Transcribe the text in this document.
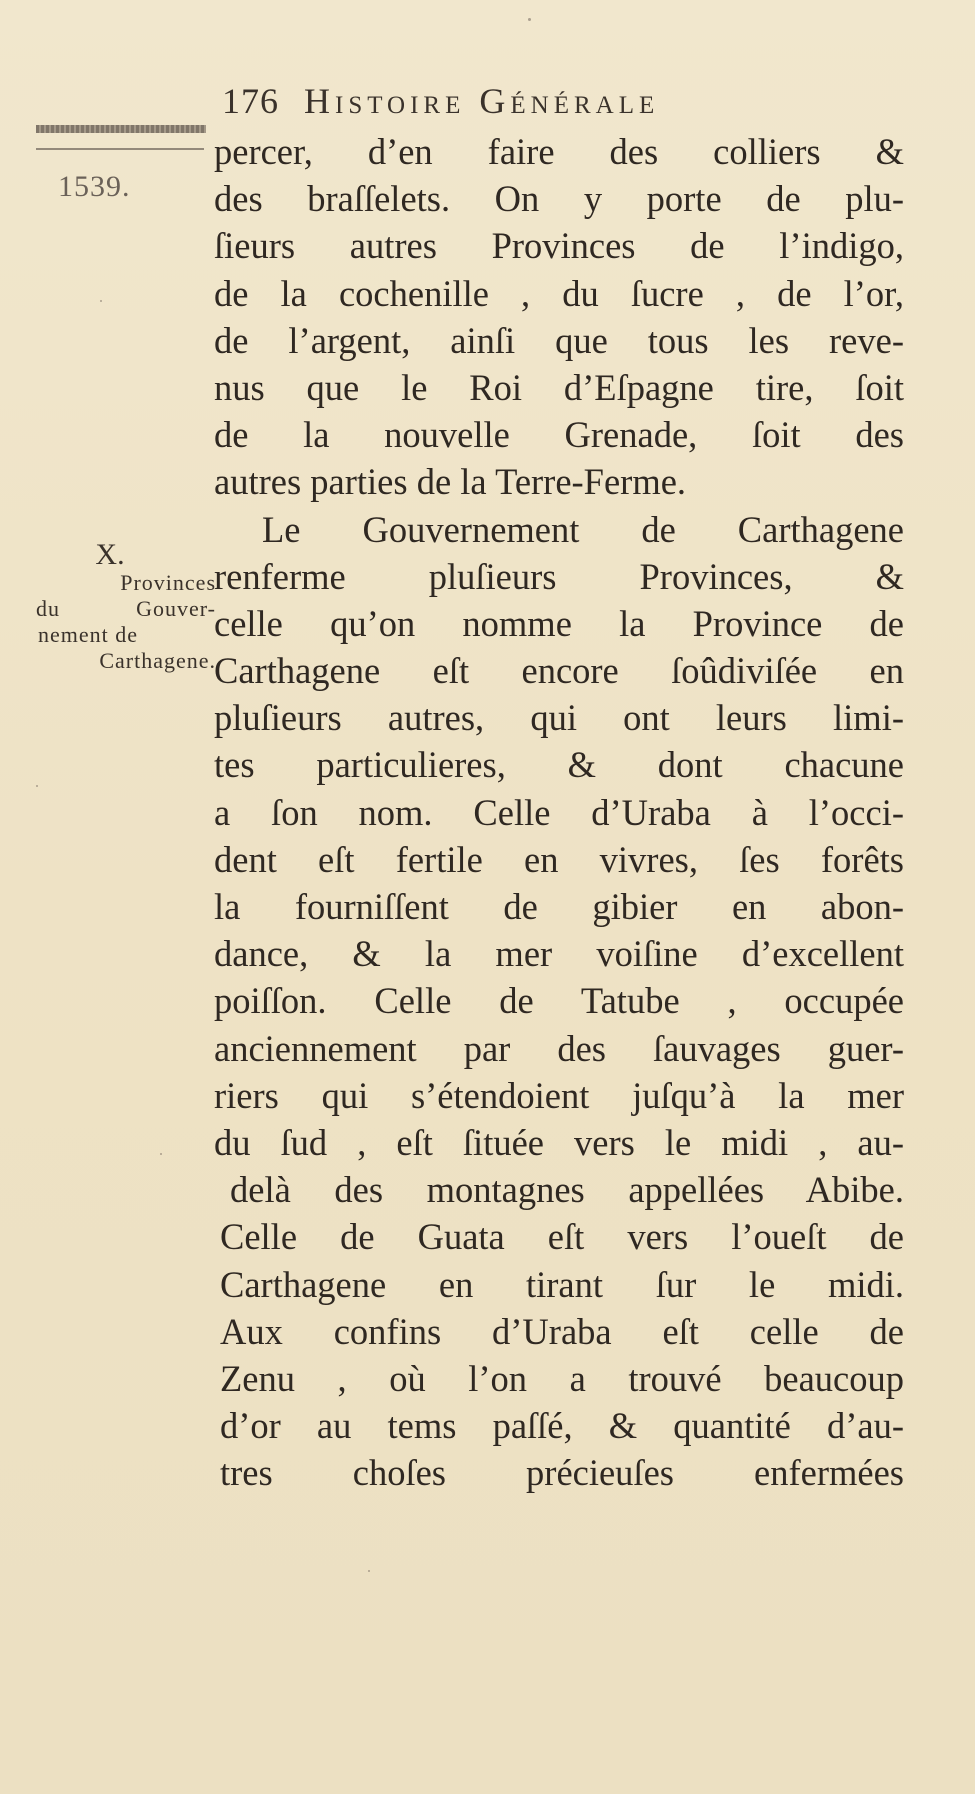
176 Histoire Générale
1539.
X.
Provinces
du Gouver-
nement de
Carthagene.
percer, d’en faire des colliers &
des braſſelets. On y porte de plu-
ſieurs autres Provinces de l’indigo,
de la cochenille , du ſucre , de l’or,
de l’argent, ainſi que tous les reve-
nus que le Roi d’Eſpagne tire, ſoit
de la nouvelle Grenade, ſoit des
autres parties de la Terre-Ferme.
Le Gouvernement de Carthagene
renferme pluſieurs Provinces, &
celle qu’on nomme la Province de
Carthagene eſt encore ſoûdiviſée en
pluſieurs autres, qui ont leurs limi-
tes particulieres, & dont chacune
a ſon nom. Celle d’Uraba à l’occi-
dent eſt fertile en vivres, ſes forêts
la fourniſſent de gibier en abon-
dance, & la mer voiſine d’excellent
poiſſon. Celle de Tatube , occupée
anciennement par des ſauvages guer-
riers qui s’étendoient juſqu’à la mer
du ſud , eſt ſituée vers le midi , au-
delà des montagnes appellées Abibe.
Celle de Guata eſt vers l’oueſt de
Carthagene en tirant ſur le midi.
Aux confins d’Uraba eſt celle de
Zenu , où l’on a trouvé beaucoup
d’or au tems paſſé, & quantité d’au-
tres choſes précieuſes enfermées
